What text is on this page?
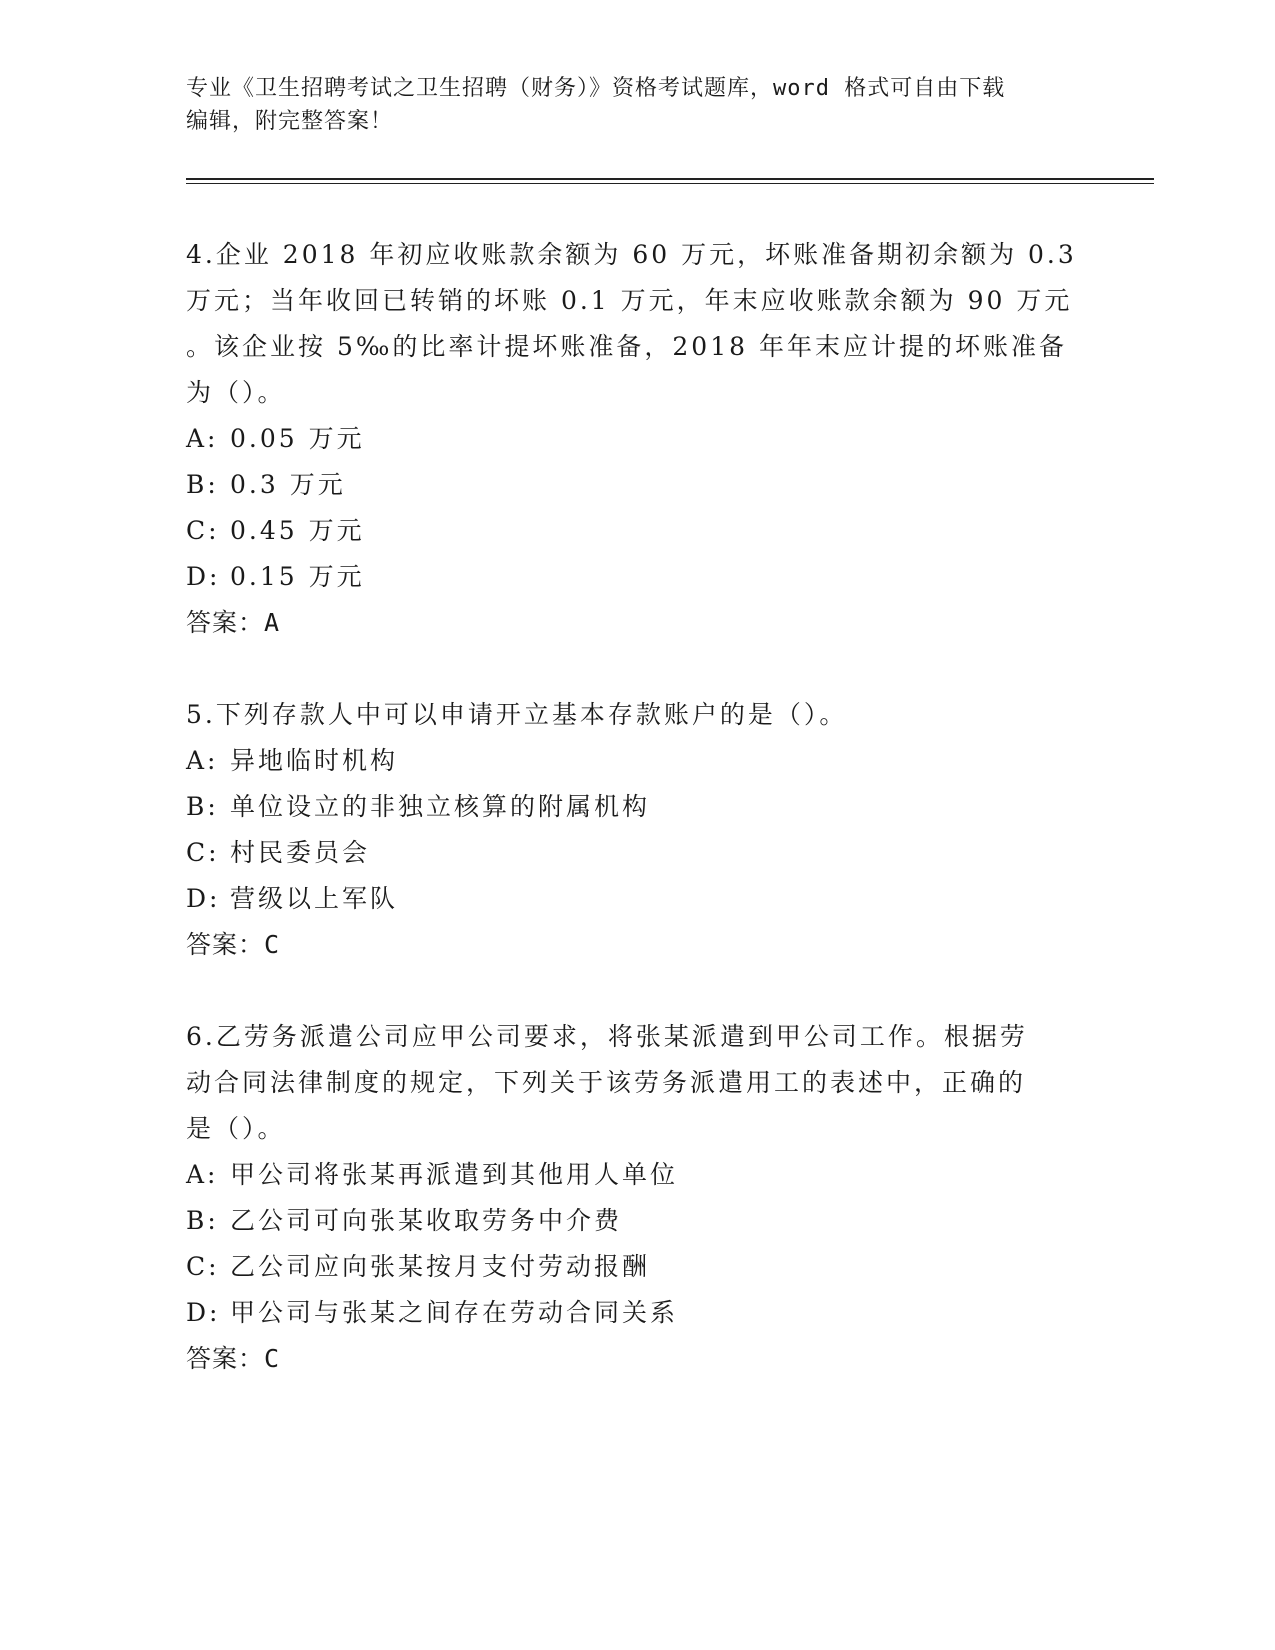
专业《卫生招聘考试之卫生招聘（财务）》资格考试题库，word 格式可自由下载
编辑，附完整答案！

4.企业 2018 年初应收账款余额为 60 万元，坏账准备期初余额为 0.3
万元；当年收回已转销的坏账 0.1 万元，年末应收账款余额为 90 万元
。该企业按 5‰的比率计提坏账准备，2018 年年末应计提的坏账准备
为（）。

A: 0.05 万元

B: 0.3 万元

C: 0.45 万元

D: 0.15 万元

答案：A

5.下列存款人中可以申请开立基本存款账户的是（）。

A: 异地临时机构

B: 单位设立的非独立核算的附属机构

C: 村民委员会

D: 营级以上军队

答案：C

6.乙劳务派遣公司应甲公司要求，将张某派遣到甲公司工作。根据劳
动合同法律制度的规定，下列关于该劳务派遣用工的表述中，正确的
是（）。

A: 甲公司将张某再派遣到其他用人单位

B: 乙公司可向张某收取劳务中介费

C: 乙公司应向张某按月支付劳动报酬

D: 甲公司与张某之间存在劳动合同关系

答案：C
